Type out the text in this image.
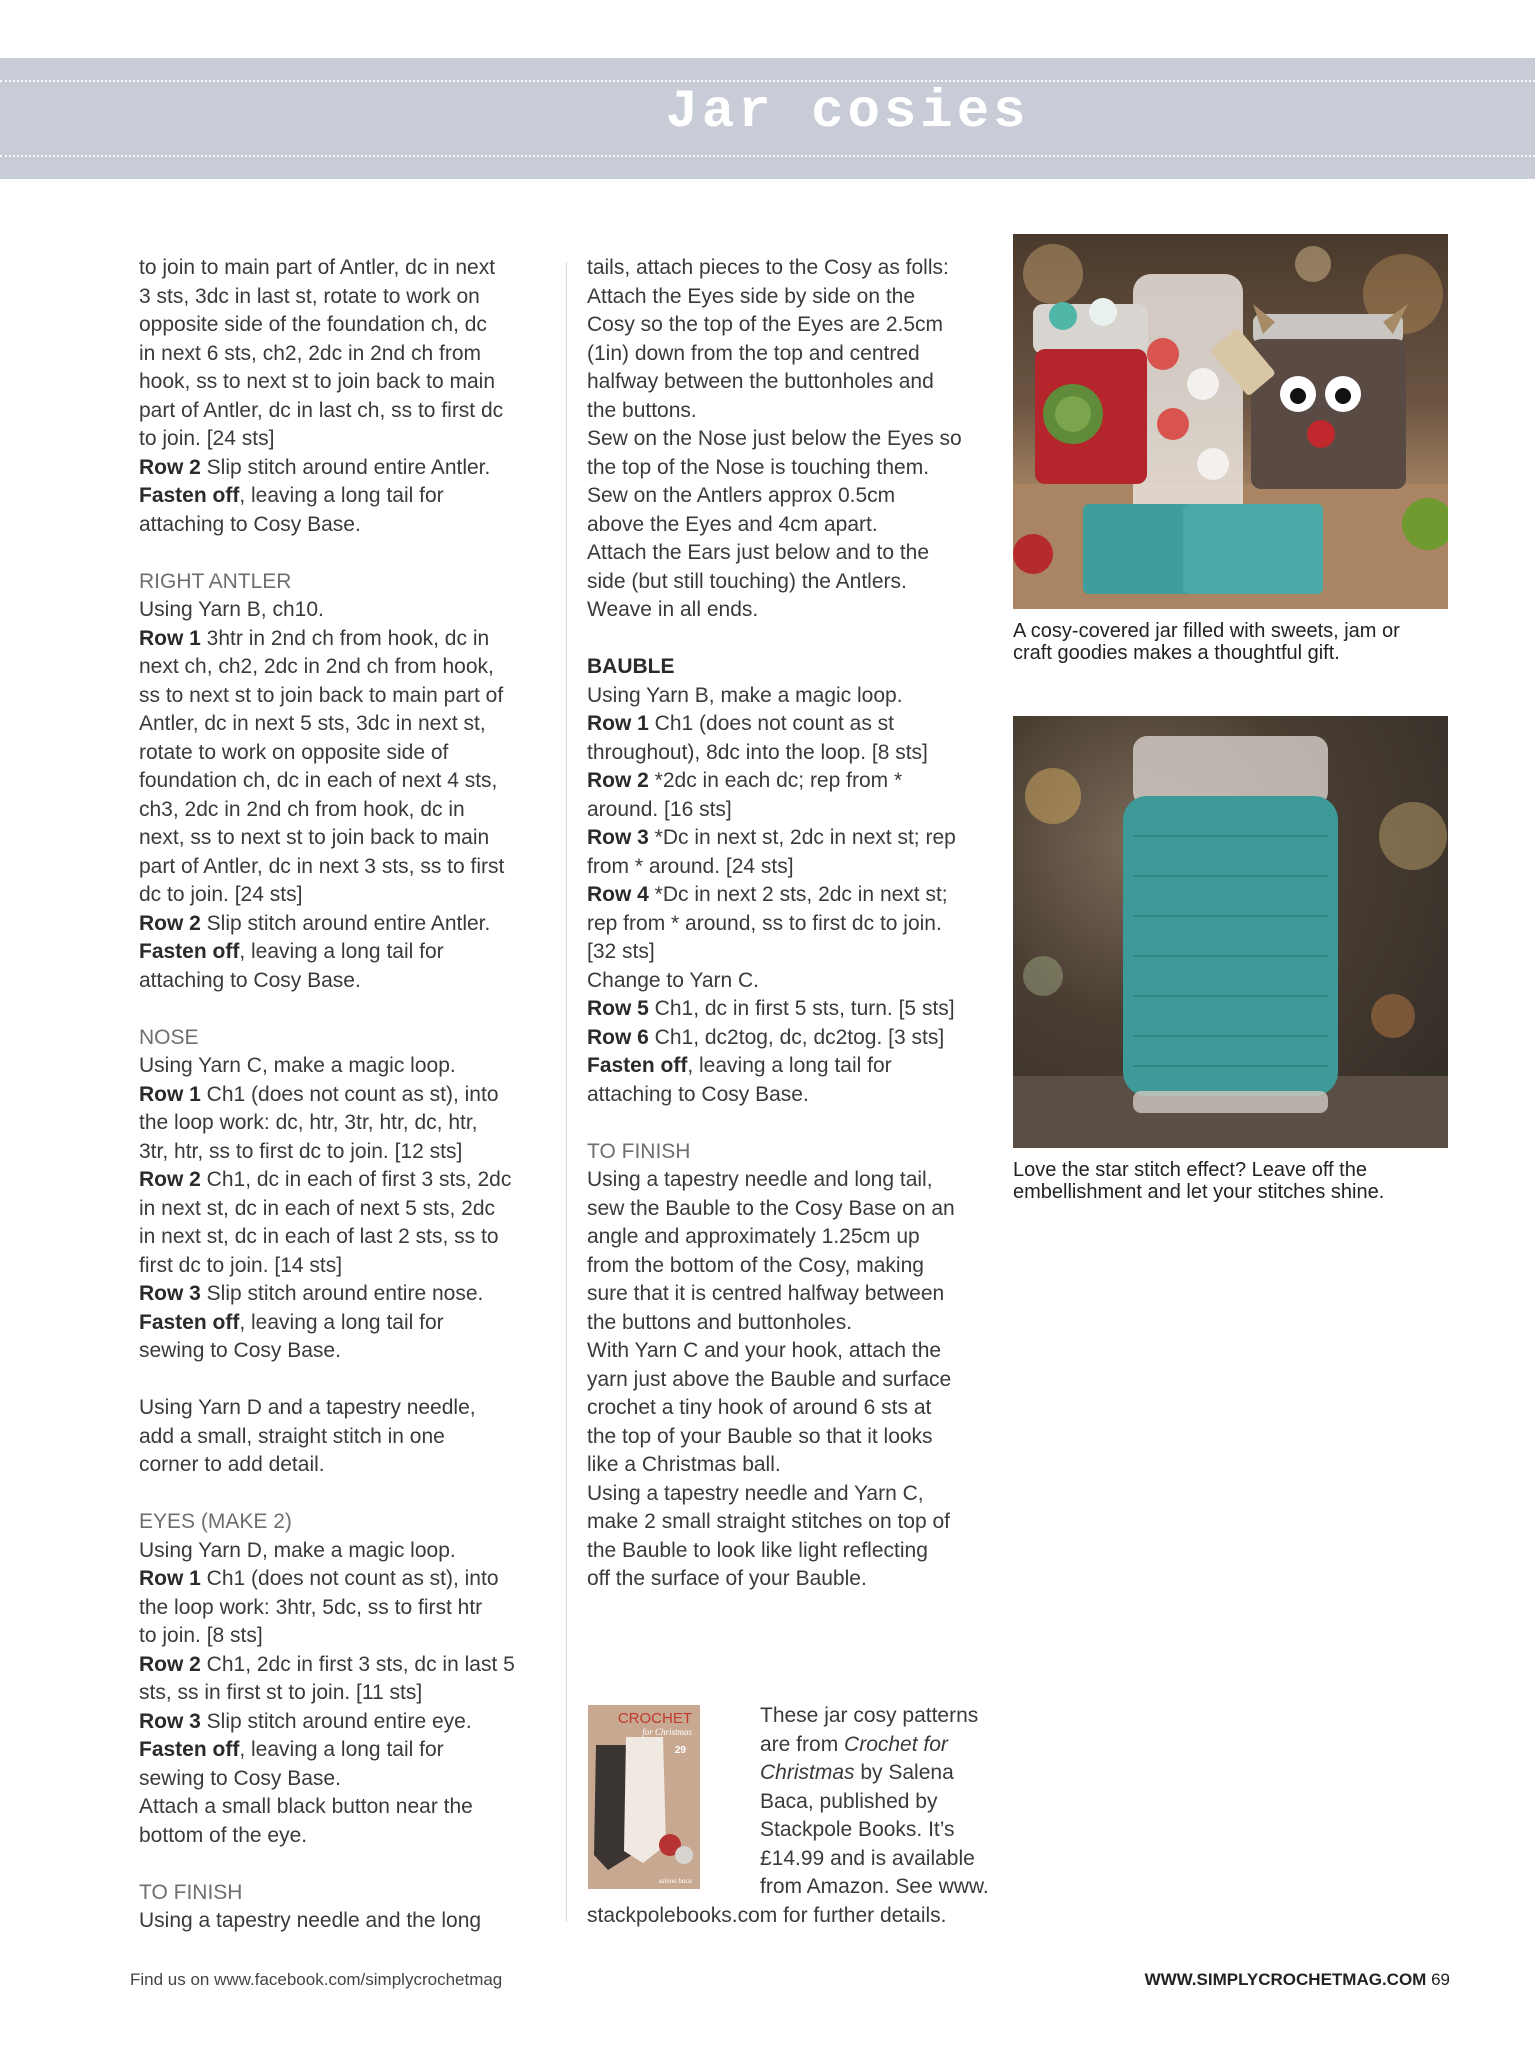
Jar cosies
to join to main part of Antler, dc in next
3 sts, 3dc in last st, rotate to work on
opposite side of the foundation ch, dc
in next 6 sts, ch2, 2dc in 2nd ch from
hook, ss to next st to join back to main
part of Antler, dc in last ch, ss to first dc
to join. [24 sts]
Row 2 Slip stitch around entire Antler.
Fasten off, leaving a long tail for
attaching to Cosy Base.
RIGHT ANTLER
Using Yarn B, ch10.
Row 1 3htr in 2nd ch from hook, dc in
next ch, ch2, 2dc in 2nd ch from hook,
ss to next st to join back to main part of
Antler, dc in next 5 sts, 3dc in next st,
rotate to work on opposite side of
foundation ch, dc in each of next 4 sts,
ch3, 2dc in 2nd ch from hook, dc in
next, ss to next st to join back to main
part of Antler, dc in next 3 sts, ss to first
dc to join. [24 sts]
Row 2 Slip stitch around entire Antler.
Fasten off, leaving a long tail for
attaching to Cosy Base.
NOSE
Using Yarn C, make a magic loop.
Row 1 Ch1 (does not count as st), into
the loop work: dc, htr, 3tr, htr, dc, htr,
3tr, htr, ss to first dc to join. [12 sts]
Row 2 Ch1, dc in each of first 3 sts, 2dc
in next st, dc in each of next 5 sts, 2dc
in next st, dc in each of last 2 sts, ss to
first dc to join. [14 sts]
Row 3 Slip stitch around entire nose.
Fasten off, leaving a long tail for
sewing to Cosy Base.
Using Yarn D and a tapestry needle,
add a small, straight stitch in one
corner to add detail.
EYES (MAKE 2)
Using Yarn D, make a magic loop.
Row 1 Ch1 (does not count as st), into
the loop work: 3htr, 5dc, ss to first htr
to join. [8 sts]
Row 2 Ch1, 2dc in first 3 sts, dc in last 5
sts, ss in first st to join. [11 sts]
Row 3 Slip stitch around entire eye.
Fasten off, leaving a long tail for
sewing to Cosy Base.
Attach a small black button near the
bottom of the eye.
TO FINISH
Using a tapestry needle and the long
tails, attach pieces to the Cosy as folls:
Attach the Eyes side by side on the
Cosy so the top of the Eyes are 2.5cm
(1in) down from the top and centred
halfway between the buttonholes and
the buttons.
Sew on the Nose just below the Eyes so
the top of the Nose is touching them.
Sew on the Antlers approx 0.5cm
above the Eyes and 4cm apart.
Attach the Ears just below and to the
side (but still touching) the Antlers.
Weave in all ends.
BAUBLE
Using Yarn B, make a magic loop.
Row 1 Ch1 (does not count as st
throughout), 8dc into the loop. [8 sts]
Row 2 *2dc in each dc; rep from *
around. [16 sts]
Row 3 *Dc in next st, 2dc in next st; rep
from * around. [24 sts]
Row 4 *Dc in next 2 sts, 2dc in next st;
rep from * around, ss to first dc to join.
[32 sts]
Change to Yarn C.
Row 5 Ch1, dc in first 5 sts, turn. [5 sts]
Row 6 Ch1, dc2tog, dc, dc2tog. [3 sts]
Fasten off, leaving a long tail for
attaching to Cosy Base.
TO FINISH
Using a tapestry needle and long tail,
sew the Bauble to the Cosy Base on an
angle and approximately 1.25cm up
from the bottom of the Cosy, making
sure that it is centred halfway between
the buttons and buttonholes.
With Yarn C and your hook, attach the
yarn just above the Bauble and surface
crochet a tiny hook of around 6 sts at
the top of your Bauble so that it looks
like a Christmas ball.
Using a tapestry needle and Yarn C,
make 2 small straight stitches on top of
the Bauble to look like light reflecting
off the surface of your Bauble.
A cosy-covered jar filled with sweets, jam or
craft goodies makes a thoughtful gift.
Love the star stitch effect? Leave off the
embellishment and let your stitches shine.
CROCHET
for Christmas
29
salena baca
These jar cosy patterns
are from Crochet for
Christmas by Salena
Baca, published by
Stackpole Books. It’s
£14.99 and is available
from Amazon. See www.
stackpolebooks.com for further details.
Find us on www.facebook.com/simplycrochetmag	WWW.SIMPLYCROCHETMAG.COM 69
